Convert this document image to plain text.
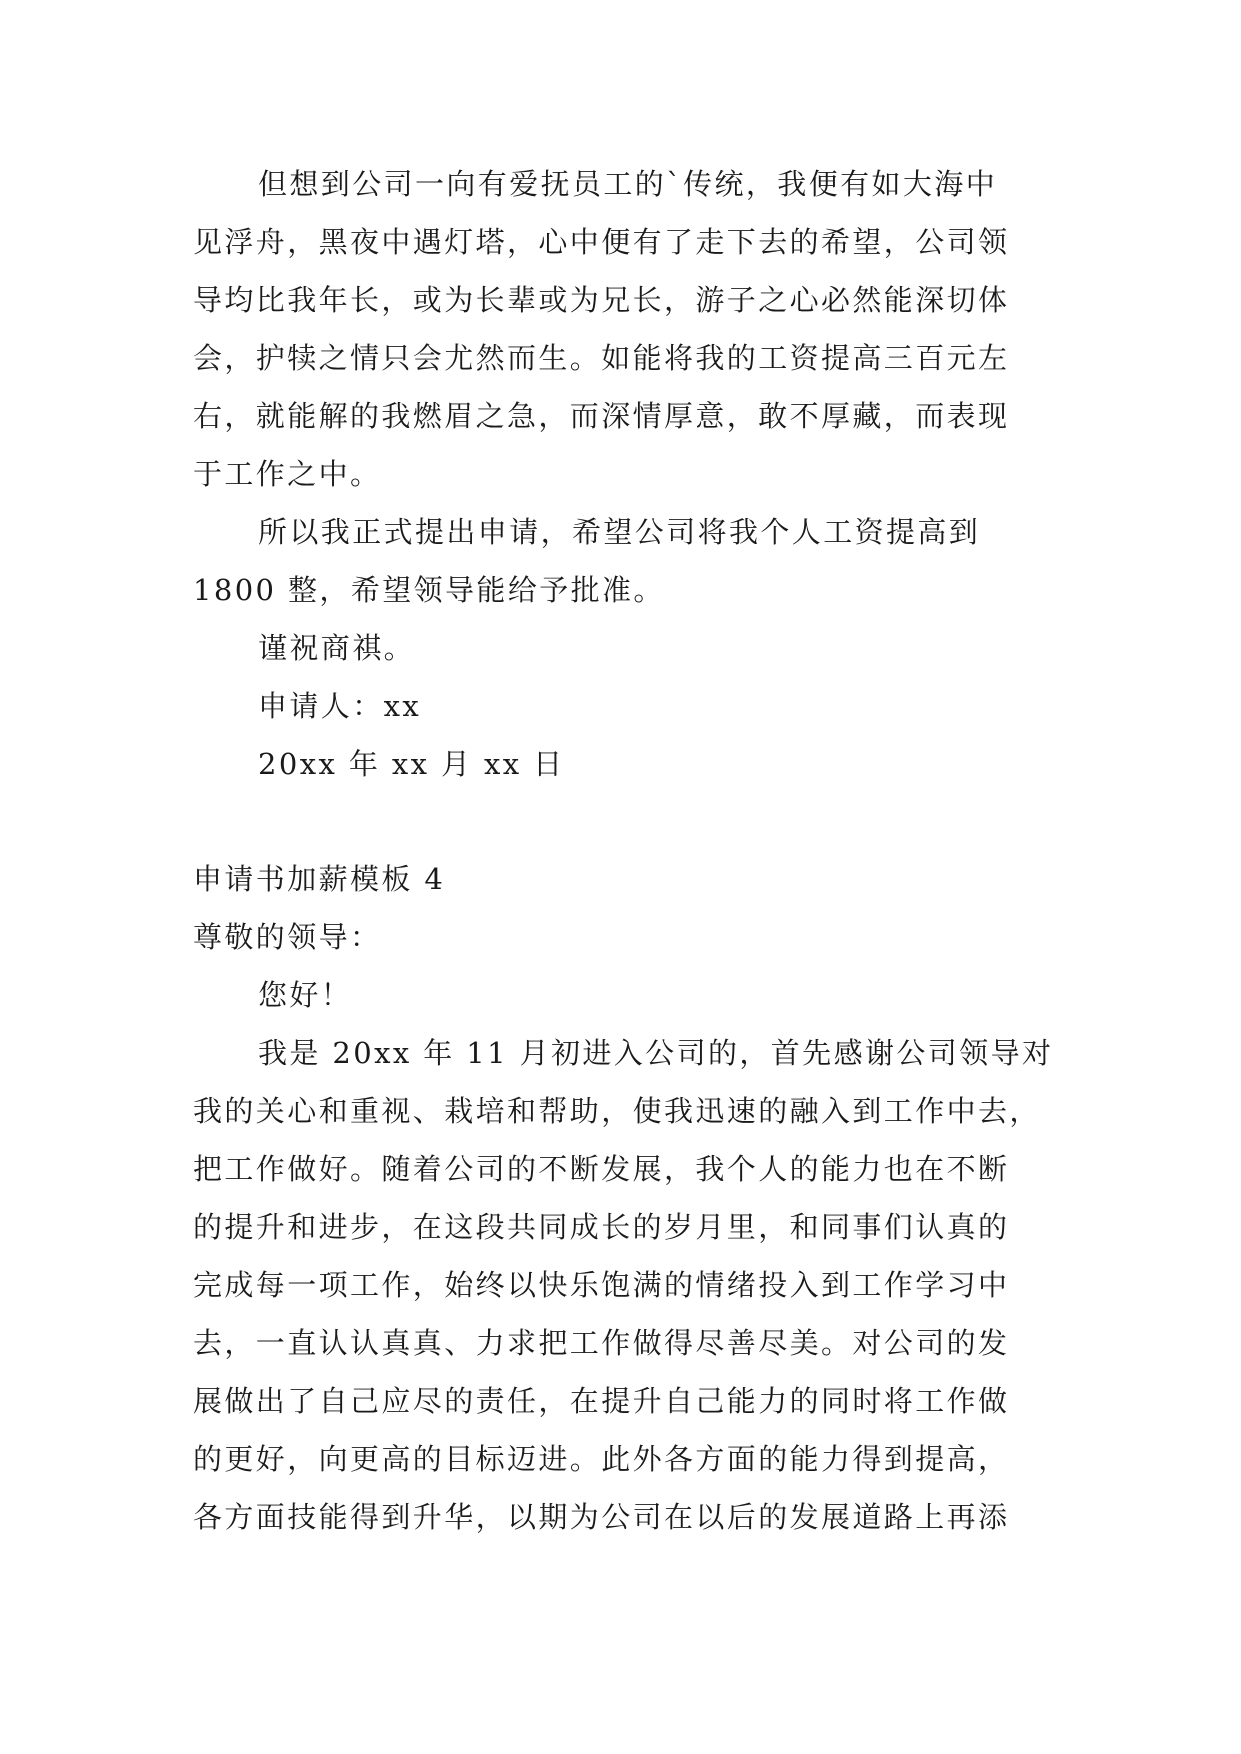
但想到公司一向有爱抚员工的`传统，我便有如大海中
见浮舟，黑夜中遇灯塔，心中便有了走下去的希望，公司领
导均比我年长，或为长辈或为兄长，游子之心必然能深切体
会，护犊之情只会尤然而生。如能将我的工资提高三百元左
右，就能解的我燃眉之急，而深情厚意，敢不厚藏，而表现
于工作之中。
所以我正式提出申请，希望公司将我个人工资提高到
1800 整，希望领导能给予批准。
谨祝商祺。
申请人：xx
20xx 年 xx 月 xx 日
申请书加薪模板 4
尊敬的领导：
您好！
我是 20xx 年 11 月初进入公司的，首先感谢公司领导对
我的关心和重视、栽培和帮助，使我迅速的融入到工作中去，
把工作做好。随着公司的不断发展，我个人的能力也在不断
的提升和进步，在这段共同成长的岁月里，和同事们认真的
完成每一项工作，始终以快乐饱满的情绪投入到工作学习中
去，一直认认真真、力求把工作做得尽善尽美。对公司的发
展做出了自己应尽的责任，在提升自己能力的同时将工作做
的更好，向更高的目标迈进。此外各方面的能力得到提高，
各方面技能得到升华，以期为公司在以后的发展道路上再添
